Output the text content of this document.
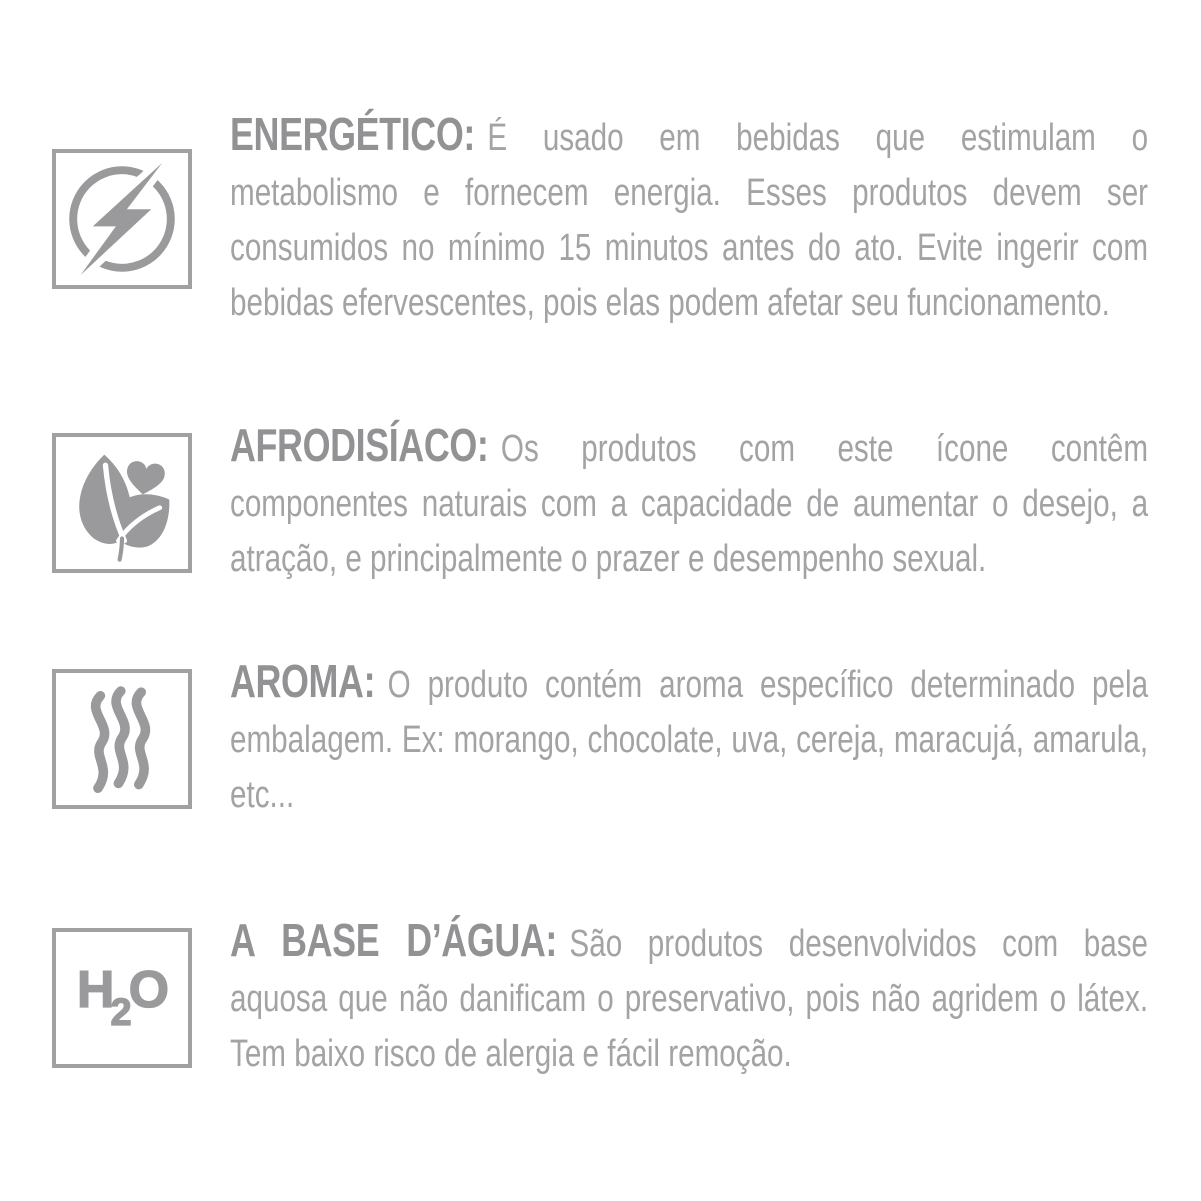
ENERGÉTICO: É usado em bebidas que estimulam o metabolismo e fornecem energia. Esses produtos devem ser consumidos no mínimo 15 minutos antes do ato. Evite ingerir com bebidas efervescentes, pois elas podem afetar seu funcionamento.

AFRODISÍACO: Os produtos com este ícone contêm componentes naturais com a capacidade de aumentar o desejo, a atração, e principalmente o prazer e desempenho sexual.

AROMA: O produto contém aroma específico determinado pela embalagem. Ex: morango, chocolate, uva, cereja, maracujá, amarula, etc...

H
2 O

A BASE D’ÁGUA: São produtos desenvolvidos com base aquosa que não danificam o preservativo, pois não agridem o látex. Tem baixo risco de alergia e fácil remoção.
